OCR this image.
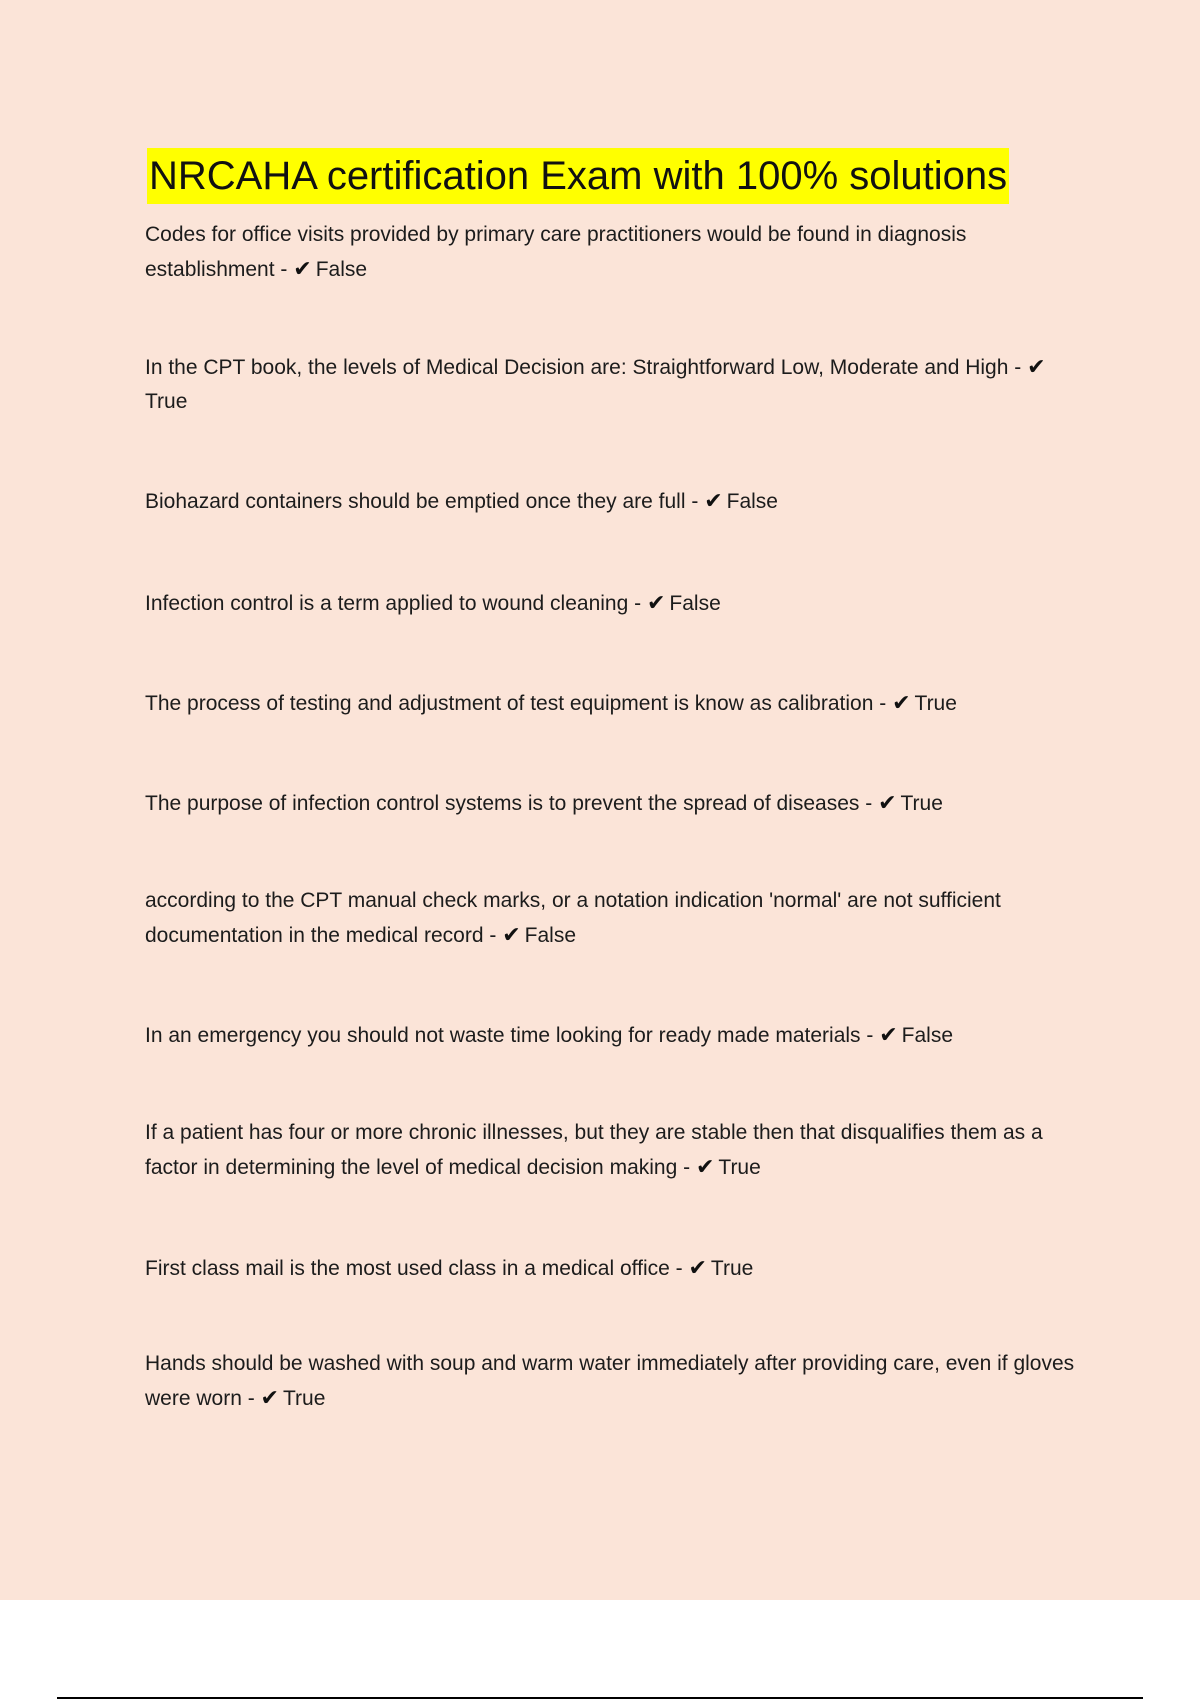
NRCAHA certification Exam with 100% solutions

Codes for office visits provided by primary care practitioners would be found in diagnosis establishment - ✔ False

In the CPT book, the levels of Medical Decision are: Straightforward Low, Moderate and High - ✔True

Biohazard containers should be emptied once they are full - ✔ False

Infection control is a term applied to wound cleaning - ✔ False

The process of testing and adjustment of test equipment is know as calibration - ✔ True

The purpose of infection control systems is to prevent the spread of diseases - ✔ True

according to the CPT manual check marks, or a notation indication 'normal' are not sufficient documentation in the medical record - ✔ False

In an emergency you should not waste time looking for ready made materials - ✔ False

If a patient has four or more chronic illnesses, but they are stable then that disqualifies them as a factor in determining the level of medical decision making - ✔ True

First class mail is the most used class in a medical office - ✔ True

Hands should be washed with soup and warm water immediately after providing care, even if gloves were worn - ✔ True
